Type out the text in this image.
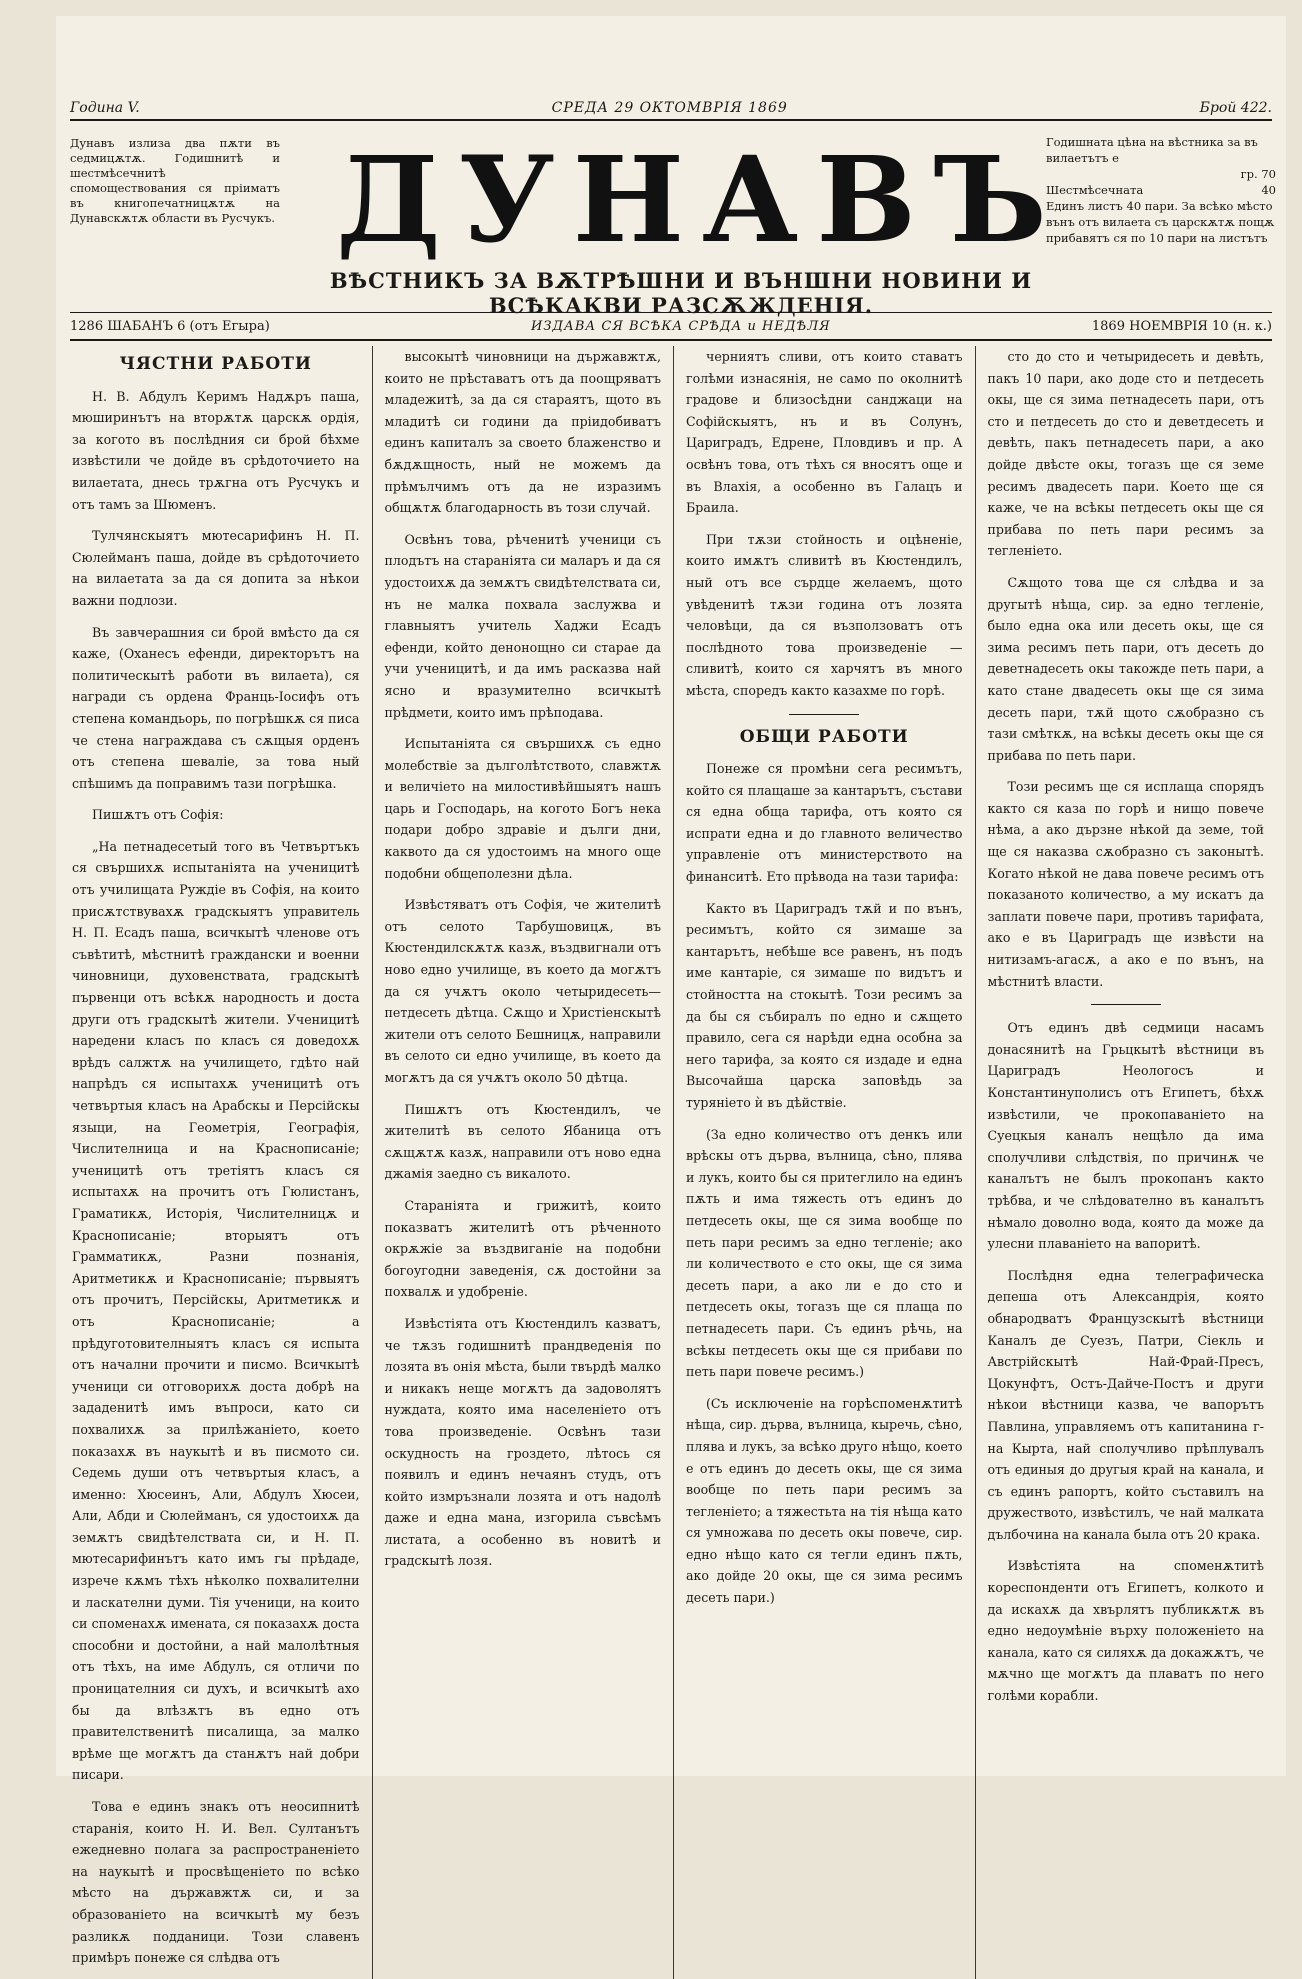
Година V.	СРЕДА 29 ОКТОМВРIЯ 1869	Брой 422.
Дунавъ излиза два пѫти въ седмицѫтѫ. Годишнитѣ и шестмѣсечнитѣ спомоществования ся прiиматъ въ книгопечатницѫтѫ на Дунавскѫтѫ области въ Русчукъ. ДУНАВЪ
Годишната цѣна на вѣстника за въ вилаетътъ е
гр. 70
Шестмѣсечната	40
Единъ листъ 40 пари. За всѣко мѣсто вънъ отъ вилаета съ царскѫтѫ пощѫ прибавятъ ся по 10 пари на листътъ
ВѢСТНИКЪ ЗА ВѪТРѢШНИ И ВЪНШНИ НОВИНИ И ВСѢКАКВИ РАЗСѪЖДЕНIЯ.
1286 ШАБАНЪ 6 (отъ Егыра)	ИЗДАВА СЯ ВСѢКА СРѢДА и НЕДѢЛЯ	1869 НОЕМВРIЯ 10 (н. к.)
ЧЯСТНИ РАБОТИ

Н. В. Абдулъ Керимъ Надѫръ паша, мюширинътъ на вторѫтѫ царскѫ ордiя, за когото въ послѣдния си брой бѣхме извѣстили че дойде въ срѣдоточието на вилаетата, днесь трѫгна отъ Русчукъ и отъ тамъ за Шюменъ.

Тулчянскыятъ мютесарифинъ Н. П. Сюлейманъ паша, дойде въ срѣдоточието на вилаетата за да ся допита за нѣкои важни подлози.

Въ завчерашния си брой вмѣсто да ся каже, (Оханесъ ефенди, директорътъ на политическытѣ работи въ вилаета), ся награди съ ордена Франць-Iосифъ отъ степена командьорь, по погрѣшкѫ ся писа че стена награждава съ сѫщыя орденъ отъ степена шевалiе, за това ный спѣшимъ да поправимъ тази погрѣшка.

Пишѫтъ отъ Софiя:

„На петнадесетый того въ Четвъртъкъ ся свършихѫ испытанiята на ученицитѣ отъ училищата Руждiе въ Софiя, на които присѫтствувахѫ градскыятъ управитель Н. П. Есадъ паша, всичкытѣ членове отъ съвѣтитѣ, мѣстнитѣ граждански и военни чиновници, духовенствата, градскытѣ първенци отъ всѣкѫ народность и доста други отъ градскытѣ жители. Ученицитѣ наредени класъ по класъ ся доведохѫ врѣдъ салжтѫ на училището, гдѣто най напрѣдъ ся испытахѫ ученицитѣ отъ четвъртыя класъ на Арабскы и Персiйскы языци, на Геометрiя, Географiя, Числителница и на Краснописанiе; ученицитѣ отъ третiятъ класъ ся испытахѫ на прочитъ отъ Гюлистанъ, Граматикѫ, Исторiя, Числителницѫ и Краснописанiе; вторыятъ отъ Грамматикѫ, Разни познанiя, Аритметикѫ и Краснописанiе; първыятъ отъ прочитъ, Персiйскы, Аритметикѫ и отъ Краснописанiе; а прѣдуготовителныятъ класъ ся испыта отъ начални прочити и писмо. Всичкытѣ ученици си отговорихѫ доста добрѣ на зададенитѣ имъ въпроси, като си похвалихѫ за прилѣжанiето, което показахѫ въ наукытѣ и въ писмото си. Седемь души отъ четвъртыя класъ, а именно: Хюсеинъ, Али, Абдулъ Хюсеи, Али, Абди и Сюлейманъ, ся удостоихѫ да земѫтъ свидѣтелствата си, и Н. П. мютесарифинътъ като имъ гы прѣдаде, изрече кѫмъ тѣхъ нѣколко похвалителни и ласкателни думи. Тiя ученици, на които си споменахѫ имената, ся показахѫ доста способни и достойни, а най малолѣтныя отъ тѣхъ, на име Абдулъ, ся отличи по проницателния си духъ, и всичкытѣ ахо бы да влѣзѫтъ въ едно отъ правителственитѣ писалища, за малко врѣме ще могѫтъ да станѫтъ най добри писари.

Това е единъ знакъ отъ неосипнитѣ старанiя, които Н. И. Вел. Султанътъ ежедневно полага за распространенiето на наукытѣ и просвѣщенiето по всѣко мѣсто на държавжтѫ си, и за образованiето на всичкытѣ му безъ разликѫ подданици. Този славенъ примѣръ понеже ся слѣдва отъ

высокытѣ чиновници на държавжтѫ, които не прѣставатъ отъ да поощряватъ младежитѣ, за да ся стараятъ, щото въ младитѣ си години да прiидобиватъ единъ капиталъ за своето блаженство и бѫдѫщность, ный не можемъ да прѣмълчимъ отъ да не изразимъ общѫтѫ благодарность въ този случай.

Освѣнъ това, рѣченитѣ ученици съ плодътъ на старанiята си маларъ и да ся удостоихѫ да земѫтъ свидѣтелствата си, нъ не малка похвала заслужва и главныятъ учитель Хаджи Есадъ ефенди, който денонощно си старае да учи ученицитѣ, и да имъ расказва най ясно и вразумително всичкытѣ прѣдмети, които имъ прѣподава.

Испытанiята ся свършихѫ съ едно молебствiе за дълголѣтството, славжтѫ и величiето на милостивѣйшыятъ нашъ царь и Господарь, на когото Богъ нека подари добро здравiе и дълги дни, каквото да ся удостоимъ на много още подобни общеполезни дѣла.

Извѣстяватъ отъ Софiя, че жителитѣ отъ селото Тарбушовицѫ, въ Кюстендилскѫтѫ казѫ, въздвигнали отъ ново едно училище, въ което да могѫтъ да ся учѫтъ около четыридесеть—петдесеть дѣтца. Сѫщо и Христiенскытѣ жители отъ селото Бешницѫ, направили въ селото си едно училище, въ което да могѫтъ да ся учѫтъ около 50 дѣтца.

Пишѫтъ отъ Кюстендилъ, че жителитѣ въ селото Ябаница отъ сѫщѫтѫ казѫ, направили отъ ново една джамiя заедно съ викалото.

Старанiята и грижитѣ, които показватъ жителитѣ отъ рѣченното окрѫжiе за въздвиганiе на подобни богоугодни заведенiя, сѫ достойни за похвалѫ и удобренiе.

Извѣстiята отъ Кюстендилъ казватъ, че тѫзъ годишнитѣ прандведенiя по лозята въ онiя мѣста, были твърдѣ малко и никакъ неще могѫтъ да задоволятъ нуждата, която има населенiето отъ това произведенiе. Освѣнъ тази оскудность на гроздето, лѣтось ся появилъ и единъ нечаянъ студъ, отъ който измръзнали лозята и отъ надолѣ даже и една мана, изгорила съвсѣмъ листата, а особенно въ новитѣ и градскытѣ лозя.

черниятъ сливи, отъ които ставатъ голѣми изнасянiя, не само по околнитѣ градове и близосѣдни санджаци на Софiйскыятъ, нъ и въ Солунъ, Цариградъ, Едрене, Пловдивъ и пр. А освѣнъ това, отъ тѣхъ ся вносятъ още и въ Влахiя, а особенно въ Галацъ и Браила.

При тѫзи стойность и оцѣненiе, които имѫтъ сливитѣ въ Кюстендилъ, ный отъ все сърдце желаемъ, щото увѣденитѣ тѫзи година отъ лозята человѣци, да ся възползоватъ отъ послѣдното това произведенiе —сливитѣ, които ся харчятъ въ много мѣста, споредъ както казахме по горѣ.

ОБЩИ РАБОТИ

Понеже ся промѣни сега ресимътъ, който ся плащаше за кантарътъ, състави ся една обща тарифа, отъ която ся испрати една и до главното величество управленiе отъ министерството на финанситѣ. Ето прѣвода на тази тарифа:

Както въ Цариградъ тѫй и по вънъ, ресимътъ, който ся зимаше за кантарътъ, небѣше все равенъ, нъ подъ име кантарiе, ся зимаше по видътъ и стойността на стокытѣ. Този ресимъ за да бы ся събиралъ по едно и сѫщето правило, сега ся нарѣди една особна за него тарифа, за която ся издаде и една Высочайша царска заповѣдь за турянiето ѝ въ дѣйствiе.

(За едно количество отъ денкъ или врѣскы отъ дърва, вълница, сѣно, плява и лукъ, които бы ся притеглило на единъ пѫть и има тяжесть отъ единъ до петдесеть окы, ще ся зима вообще по петь пари ресимъ за едно тегленiе; ако ли количеството е сто окы, ще ся зима десеть пари, а ако ли е до сто и петдесеть окы, тогазъ ще ся плаща по петнадесеть пари. Съ единъ рѣчь, на всѣкы петдесеть окы ще ся прибави по петь пари повече ресимъ.)

(Съ исключенiе на горѣспоменѫтитѣ нѣща, сир. дърва, вълница, кыречь, сѣно, плява и лукъ, за всѣко друго нѣщо, което е отъ единъ до десеть окы, ще ся зима вообще по петь пари ресимъ за тегленiето; а тяжестьта на тiя нѣща като ся умножава по десеть окы повече, сир. едно нѣщо като ся тегли единъ пѫть, ако дойде 20 окы, ще ся зима ресимъ десеть пари.)

сто до сто и четыридесеть и девѣть, пакъ 10 пари, ако доде сто и петдесеть окы, ще ся зима петнадесеть пари, отъ сто и петдесеть до сто и деветдесеть и девѣть, пакъ петнадесеть пари, а ако дойде двѣсте окы, тогазъ ще ся земе ресимъ двадесеть пари. Което ще ся каже, че на всѣкы петдесеть окы ще ся прибава по петь пари ресимъ за тегленiето.

Сѫщото това ще ся слѣдва и за другытѣ нѣща, сир. за едно тегленiе, было една ока или десеть окы, ще ся зима ресимъ петь пари, отъ десеть до деветнадесеть окы такожде петь пари, а като стане двадесеть окы ще ся зима десеть пари, тѫй щото сѫобразно съ тази смѣткѫ, на всѣкы десеть окы ще ся прибава по петь пари.

Този ресимъ ще ся исплаща спорядъ както ся каза по горѣ и нищо повече нѣма, а ако дързне нѣкой да земе, той ще ся наказва сѫобразно съ законытѣ. Когато нѣкой не дава повече ресимъ отъ показаното количество, а му искатъ да заплати повече пари, противъ тарифата, ако е въ Цариградъ ще извѣсти на нитизамъ-агасѫ, а ако е по вънъ, на мѣстнитѣ власти.

Отъ единъ двѣ седмици насамъ донасянитѣ на Грьцкытѣ вѣстници въ Цариградъ Неологосъ и Константинуполисъ отъ Египетъ, бѣхѫ извѣстили, че прокопаванiето на Суецкыя каналъ нещѣло да има сполучливи слѣдствiя, по причинѫ че каналътъ не былъ прокопанъ както трѣбва, и че слѣдователно въ каналътъ нѣмало доволно вода, която да може да улесни плаванiето на вапоритѣ.

Послѣдня една телеграфическа депеша отъ Александрiя, която обнародватъ Французскытѣ вѣстници Каналъ де Суезъ, Патри, Сiекль и Австрiйскытѣ Най-Фрай-Пресъ, Цокунфтъ, Остъ-Дайче-Постъ и други нѣкои вѣстници казва, че вапорътъ Павлина, управляемъ отъ капитанина г-на Кырта, най сполучливо прѣплувалъ отъ единыя до другыя край на канала, и съ единъ рапортъ, който съставилъ на дружеството, извѣстилъ, че най малката дълбочина на канала была отъ 20 крака.

Извѣстiята на споменѫтитѣ кореспонденти отъ Египетъ, колкото и да искахѫ да хвърлятъ публикѫтѫ въ едно недоумѣнiе върху положенiето на канала, като ся силяхѫ да докажѫтъ, че мѫчно ще могѫтъ да плаватъ по него голѣми корабли.
